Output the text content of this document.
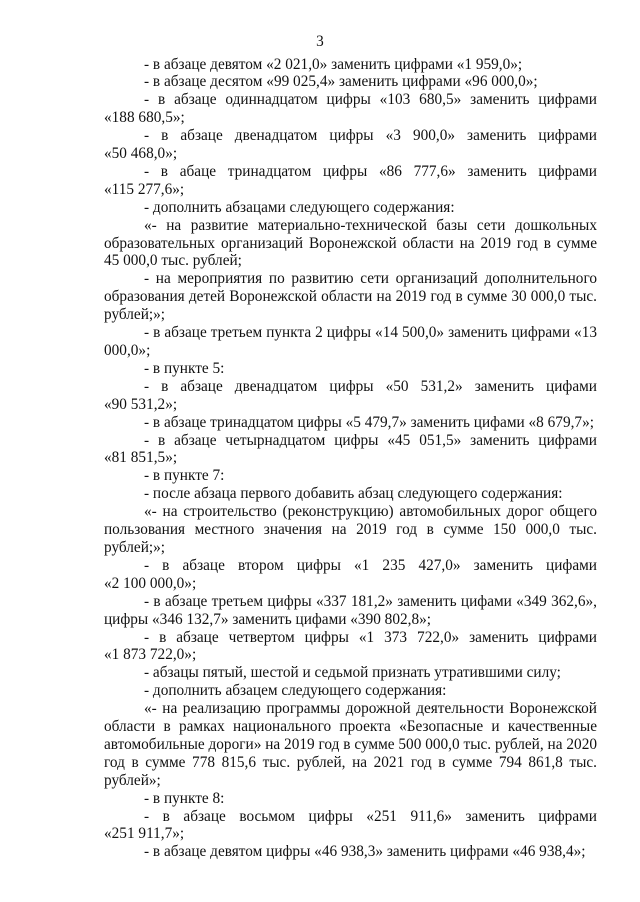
3

- в абзаце девятом «2 021,0» заменить цифрами «1 959,0»;

- в абзаце десятом «99 025,4» заменить цифрами «96 000,0»;

- в абзаце одиннадцатом цифры «103 680,5» заменить цифрами

«188 680,5»;

- в абзаце двенадцатом цифры «3 900,0» заменить цифрами

«50 468,0»;

- в абаце тринадцатом цифры «86 777,6» заменить цифрами

«115 277,6»;

- дополнить абзацами следующего содержания:

«- на развитие материально-технической базы сети дошкольных образовательных организаций Воронежской области на 2019 год в сумме 45 000,0 тыс. рублей;

- на мероприятия по развитию сети организаций дополнительного образования детей Воронежской области на 2019 год в сумме 30 000,0 тыс. рублей;»;

- в абзаце третьем пункта 2 цифры «14 500,0» заменить цифрами «13 000,0»;

- в пункте 5:

- в абзаце двенадцатом цифры «50 531,2» заменить цифами

«90 531,2»;

- в абзаце тринадцатом цифры «5 479,7» заменить цифами «8 679,7»;

- в абзаце четырнадцатом цифры «45 051,5» заменить цифрами

«81 851,5»;

- в пункте 7:

- после абзаца первого добавить абзац следующего содержания:

«- на строительство (реконструкцию) автомобильных дорог общего пользования местного значения на 2019 год в сумме 150 000,0 тыс. рублей;»;

- в абзаце втором цифры «1 235 427,0» заменить цифами

«2 100 000,0»;

- в абзаце третьем цифры «337 181,2» заменить цифами «349 362,6», цифры «346 132,7» заменить цифами «390 802,8»;

- в абзаце четвертом цифры «1 373 722,0» заменить цифрами

«1 873 722,0»;

- абзацы пятый, шестой и седьмой признать утратившими силу;

- дополнить абзацем следующего содержания:

«- на реализацию программы дорожной деятельности Воронежской области в рамках национального проекта «Безопасные и качественные автомобильные дороги» на 2019 год в сумме 500 000,0 тыс. рублей, на 2020 год в сумме 778 815,6 тыс. рублей, на 2021 год в сумме 794 861,8 тыс. рублей»;

- в пункте 8:

- в абзаце восьмом цифры «251 911,6» заменить цифрами

«251 911,7»;

- в абзаце девятом цифры «46 938,3» заменить цифрами «46 938,4»;
